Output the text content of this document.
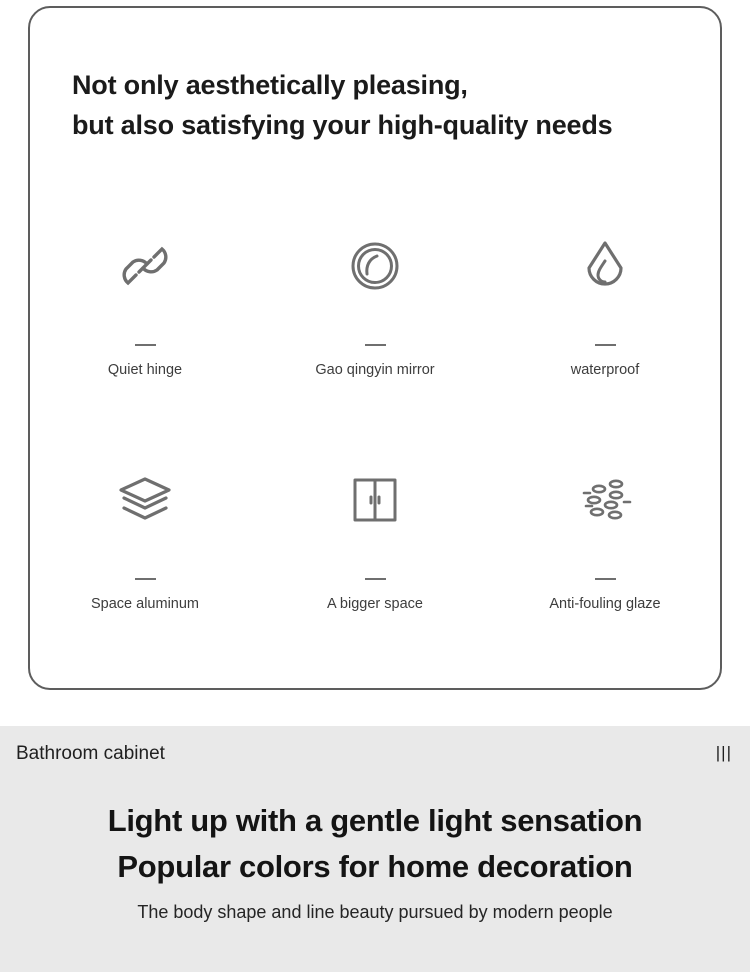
Not only aesthetically pleasing,
but also satisfying your high-quality needs
Quiet hinge	Gao qingyin mirror	waterproof
Space aluminum	A bigger space	Anti-fouling glaze
Bathroom cabinet	|||
Light up with a gentle light sensation
Popular colors for home decoration
The body shape and line beauty pursued by modern people
